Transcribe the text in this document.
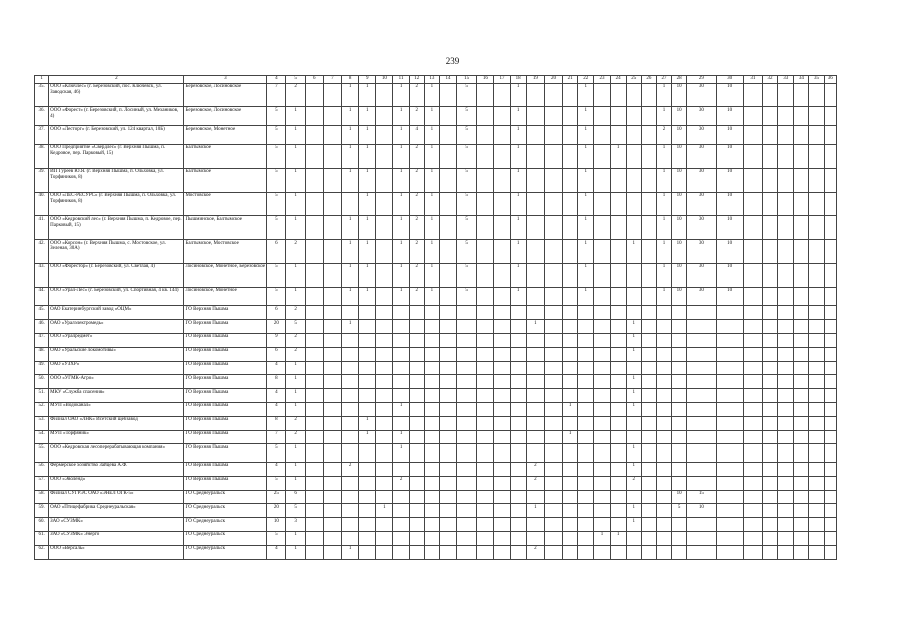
239
1	2	3	4	5	6	7	8	9	10	11	12	13	14	15	16	17	18	19	20	21	22	23	24	25	26	27	28	29	30	31	32	33	34	35	36
35.	ООО «Ключлес» (г. Березовский, пос. Ключевск, ул. Заводская, 46)	Березовское, Лосиновское	7	2			1	1		1	2	1		5			1				1					1	10	30	10						
36.	ООО «Форест» (г. Березовский, п. Лосиный, ул. Механиков, 4)	Березовское, Лосиновское	5	1			1	1		1	2	1		5			1				1					1	10	30	10						
37.	ООО «Лесторг» (г. Березовский, ул. 124 квартал, 10Б)	Березовское, Монетное	5	1			1	1		1	4	1		5			1				1					2	10	30	10						
38.	ООО Предприятие «Свердлес» (г. Верхняя Пышма, п. Кедровое, пер. Парковый, 15)	Балтымское	5	1			1	1		1	2	1		5			1				1		1			1	10	30	10						
39.	ИП Гуреев Ю.Я. (г. Верхняя Пышма, п. Ольховка, ул. Торфяников, 8)	Балтымское	5	1			1	1		1	2	1		5			1				1					1	10	30	10						
40.	ООО «ЛЕС-РЕСУРС» (г. Верхняя Пышма, п. Ольховка, ул. Торфяников, 8)	Мостовское	5	1				1		1	2	1		5			1				1					1	10	30	10						
41.	ООО «Кедровский лес» (г. Верхняя Пышма, п. Кедровое, пер. Парковый, 15)	Пышминское, Балтымское	5	1			1	1		1	2	1		5			1				1					1	10	30	10						
42.	ООО «Корсон» (г. Верхняя Пышма, с. Мостовское, ул. Зеленая, 30А)	Балтымское, Мостовское	6	2			1	1		1	2	1		5			1				1			1		1	10	30	10						
43.	ООО «Форестор» (г. Березовский, ул. Светлая, 4)	Лосиновское, Монетное, Березовское	5	1			1	1		1	2	1		5			1				1					1	10	30	10						
44.	ООО «Урал-Лес» (г. Березовский, ул. Спортивная, 4 кв. 144)	Лосиновское, Монетное	5	1			1	1		1	2	1		5			1				1					1	10	30	10						
45.	ОАО Екатеринбургский завод «ОЦМ»	ГО Верхняя Пышма	6	2																															
46.	ОАО «Уралэлектромедь»	ГО Верхняя Пышма	20	5			1											1						1											
47.	ООО «Уралредмет»	ГО Верхняя Пышма	9	2																				1											
48.	ОАО «Уральские локомотивы»	ГО Верхняя Пышма	6	2																				1											
49.	ОАО «УЗХР»	ГО Верхняя Пышма	4	1																															
50.	ООО «УГМК-Агро»	ГО Верхняя Пышма	8	1																				1											
51.	МКУ «Служба спасения»	ГО Верхняя Пышма	4	1																				1											
52.	МУП «Водоканал»	ГО Верхняя Пышма	4	1						1										1				1											
53.	Филиал ОАО «ЛНК» Исетский щебзавод	ГО Верхняя Пышма	8	2				1																											
54.	МУП «Торфяник»	ГО Верхняя Пышма	7	2				1		1										1															
55.	ООО «Кедровская лесоперерабатывающая компания»	ГО Верхняя Пышма	5	1						1														1											
56.	Фермерское хозяйство Зайцева А.Ф.	ГО Верхняя Пышма	4	1			2											2						1											
57.	ООО «Эволенд»	ГО Верхняя Пышма	5	1						2								2						2											
58.	Филиал СУГРЭС ОАО «ЭНЕЛ ОГК-5»	ГО Среднеуральск	25	6																							10	15							
59.	ОАО «Птицефабрика Среднеуральская»	ГО Среднеуральск	20	5					1									1						1			5	10							
60.	ЗАО «СУЗМК»	ГО Среднеуральск	10	3																				1											
61.	ЗАО «СУЗМК» Энерго	ГО Среднеуральск	5	1																		1	1												
62.	ООО «Версаль»	ГО Среднеуральск	4	1			1											2																	
